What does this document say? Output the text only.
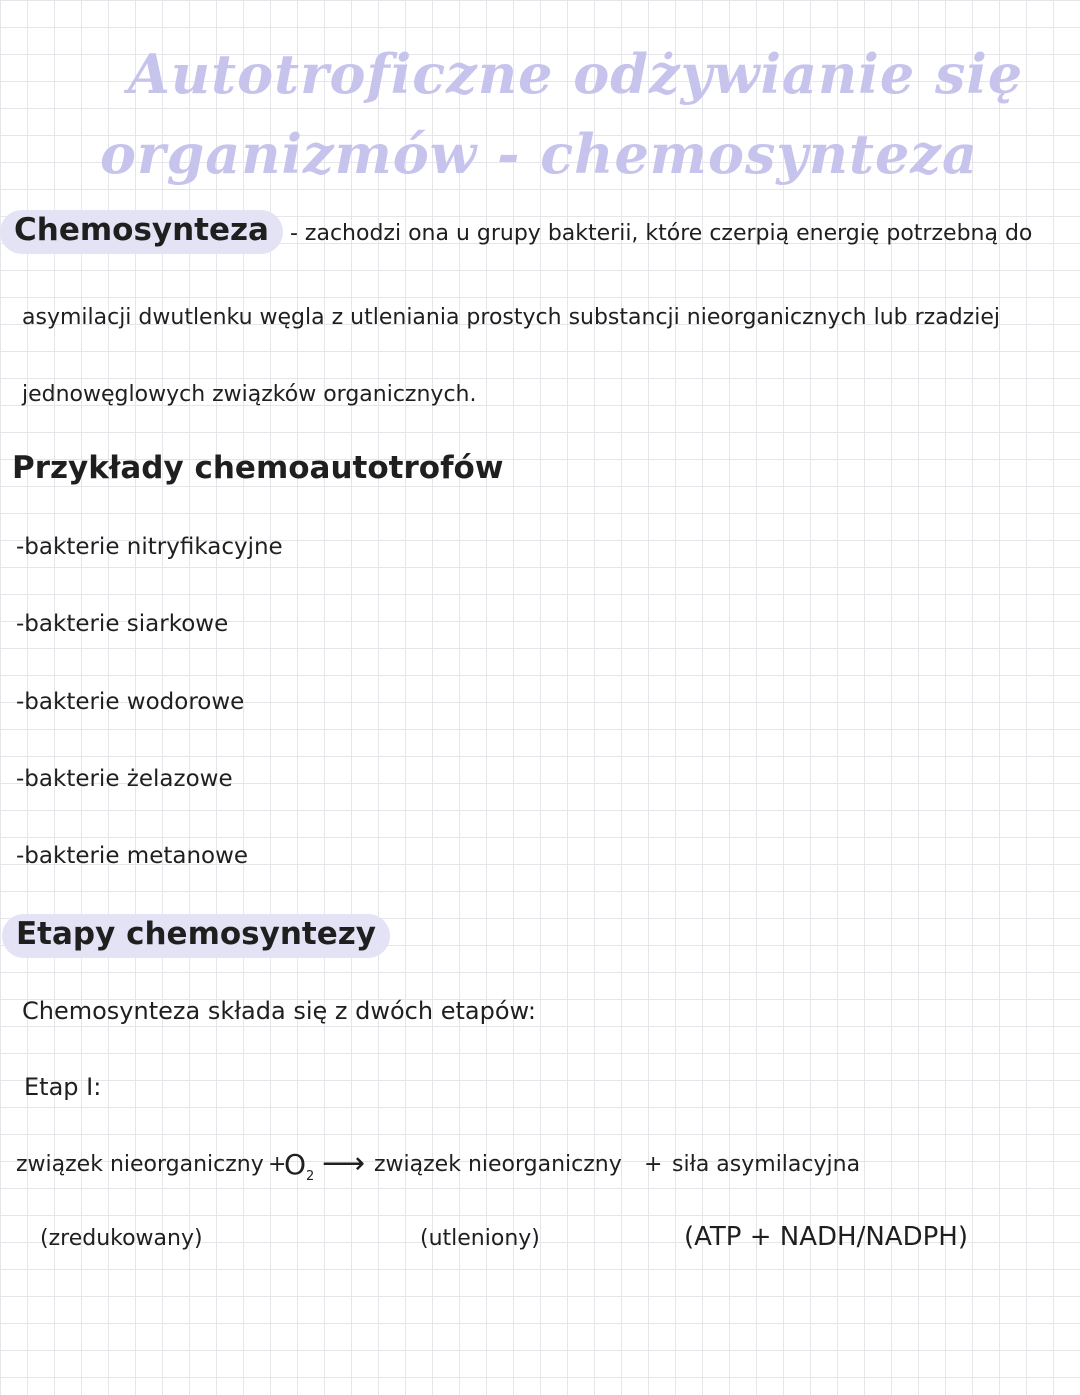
Autotroficzne odżywianie się
organizmów - chemosynteza
Chemosynteza - zachodzi ona u grupy bakterii, które czerpią energię potrzebną do
asymilacji dwutlenku węgla z utleniania prostych substancji nieorganicznych lub rzadziej
jednowęglowych związków organicznych.
Przykłady chemoautotrofów
-bakterie nitryfikacyjne
-bakterie siarkowe
-bakterie wodorowe
-bakterie żelazowe
-bakterie metanowe
Etapy chemosyntezy
Chemosynteza składa się z dwóch etapów:
Etap I:
związek nieorganiczny +
$O_2$ ⟶ związek nieorganiczny + siła asymilacyjna
(zredukowany)	(utleniony)	(ATP + NADH/NADPH)
